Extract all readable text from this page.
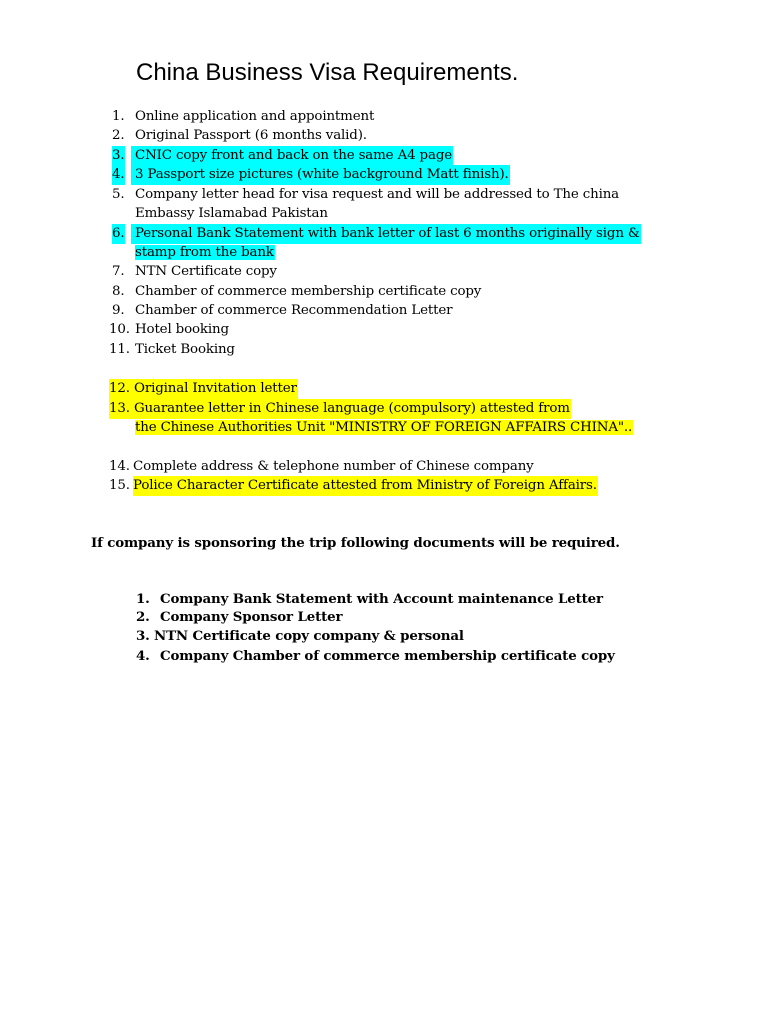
China Business Visa Requirements.
1. Online application and appointment
2. Original Passport (6 months valid).
3. CNIC copy front and back on the same A4 page
4. 3 Passport size pictures (white background Matt finish).
5. Company letter head for visa request and will be addressed to The china
Embassy Islamabad Pakistan
6. Personal Bank Statement with bank letter of last 6 months originally sign &
stamp from the bank
7. NTN Certificate copy
8. Chamber of commerce membership certificate copy
9. Chamber of commerce Recommendation Letter
10. Hotel booking
11. Ticket Booking
12. Original Invitation letter
13. Guarantee letter in Chinese language (compulsory) attested from
the Chinese Authorities Unit "MINISTRY OF FOREIGN AFFAIRS CHINA"..
14. Complete address & telephone number of Chinese company
15. Police Character Certificate attested from Ministry of Foreign Affairs.
If company is sponsoring the trip following documents will be required.
1. Company Bank Statement with Account maintenance Letter
2. Company Sponsor Letter
3. NTN Certificate copy company & personal
4. Company Chamber of commerce membership certificate copy
